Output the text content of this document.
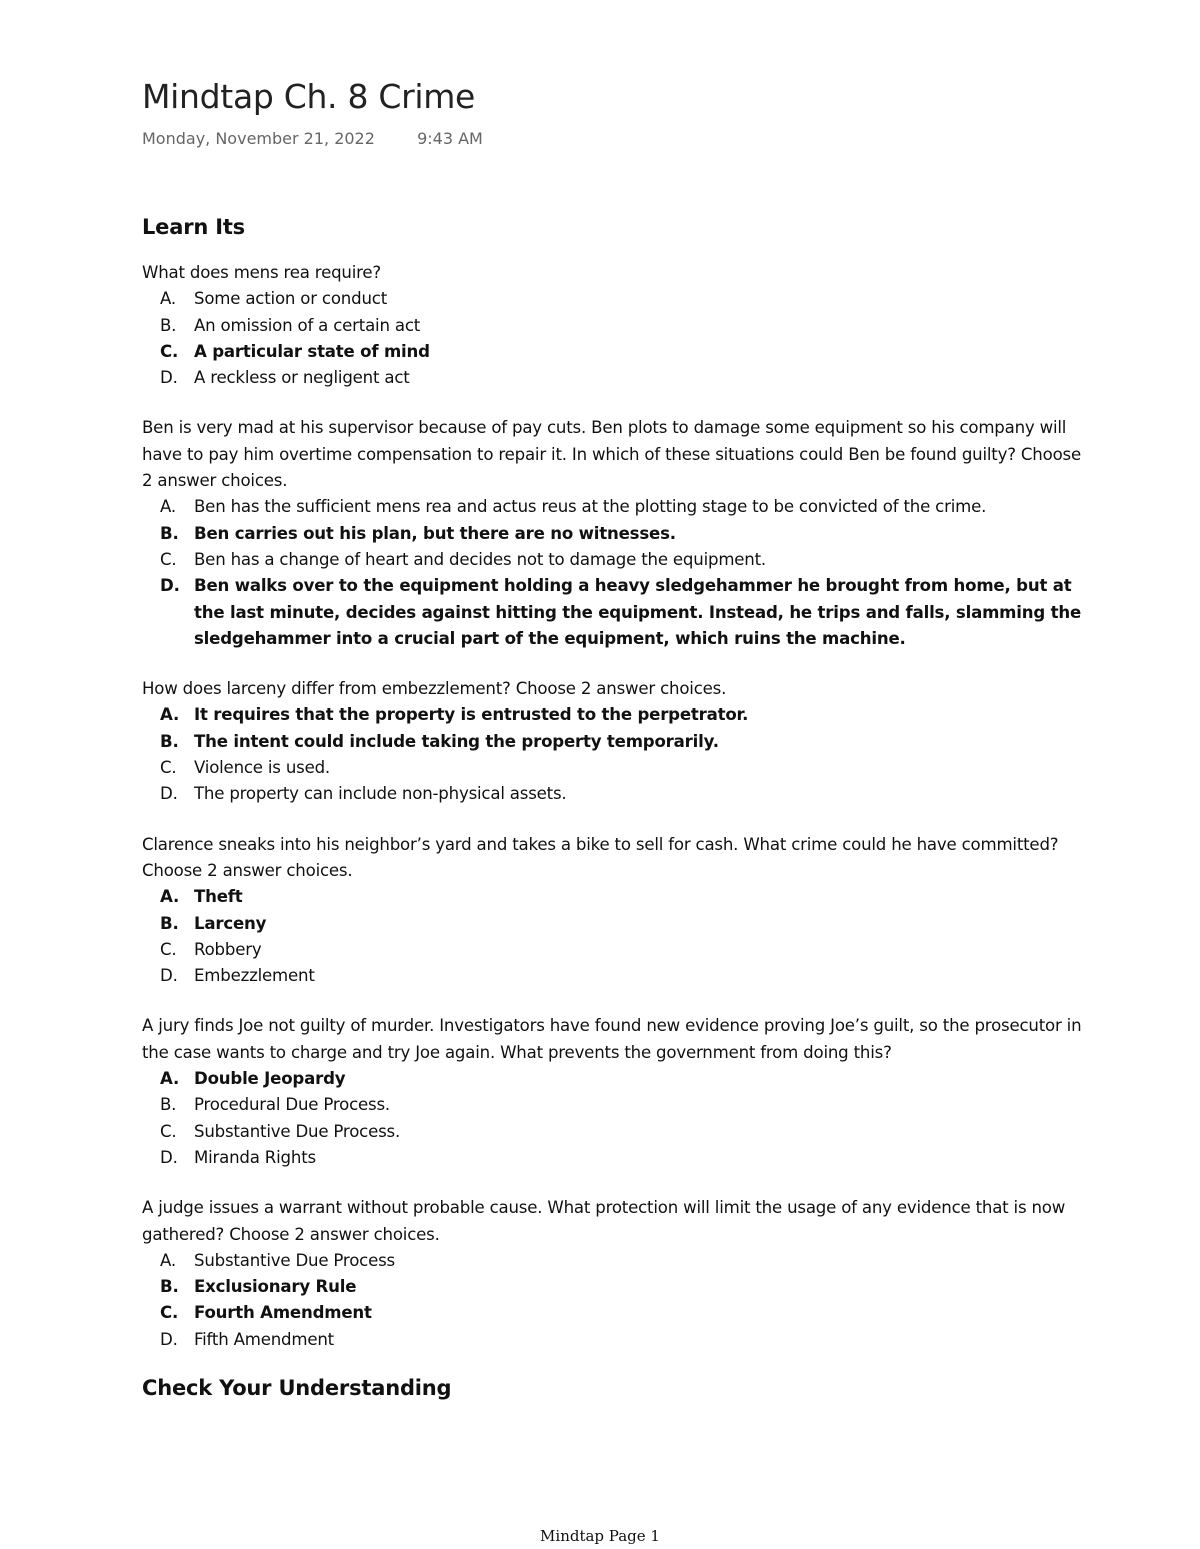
Mindtap Ch. 8 Crime
Monday, November 21, 2022	9:43 AM
Learn Its

What does mens rea require?

A.	Some action or conduct
B.	An omission of a certain act
C. A particular state of mind
D. A reckless or negligent act

Ben is very mad at his supervisor because of pay cuts. Ben plots to damage some equipment so his company will have to pay him overtime compensation to repair it. In which of these situations could Ben be found guilty? Choose 2 answer choices.

A.	Ben has the sufficient mens rea and actus reus at the plotting stage to be convicted of the crime.
B. Ben carries out his plan, but there are no witnesses.
C.	Ben has a change of heart and decides not to damage the equipment.
D. Ben walks over to the equipment holding a heavy sledgehammer he brought from home, but at the last minute, decides against hitting the equipment. Instead, he trips and falls, slamming the sledgehammer into a crucial part of the equipment, which ruins the machine.

How does larceny differ from embezzlement? Choose 2 answer choices.

A. It requires that the property is entrusted to the perpetrator.
B. The intent could include taking the property temporarily.
C.	Violence is used.
D. The property can include non-physical assets.

Clarence sneaks into his neighbor’s yard and takes a bike to sell for cash. What crime could he have committed? Choose 2 answer choices.

A. Theft
B. Larceny
C.	Robbery
D. Embezzlement

A jury finds Joe not guilty of murder. Investigators have found new evidence proving Joe’s guilt, so the prosecutor in the case wants to charge and try Joe again. What prevents the government from doing this?

A. Double Jeopardy
B.	Procedural Due Process.
C.	Substantive Due Process.
D. Miranda Rights

A judge issues a warrant without probable cause. What protection will limit the usage of any evidence that is now gathered? Choose 2 answer choices.

A.	Substantive Due Process
B. Exclusionary Rule
C. Fourth Amendment
D. Fifth Amendment
Check Your Understanding
Mindtap Page 1
